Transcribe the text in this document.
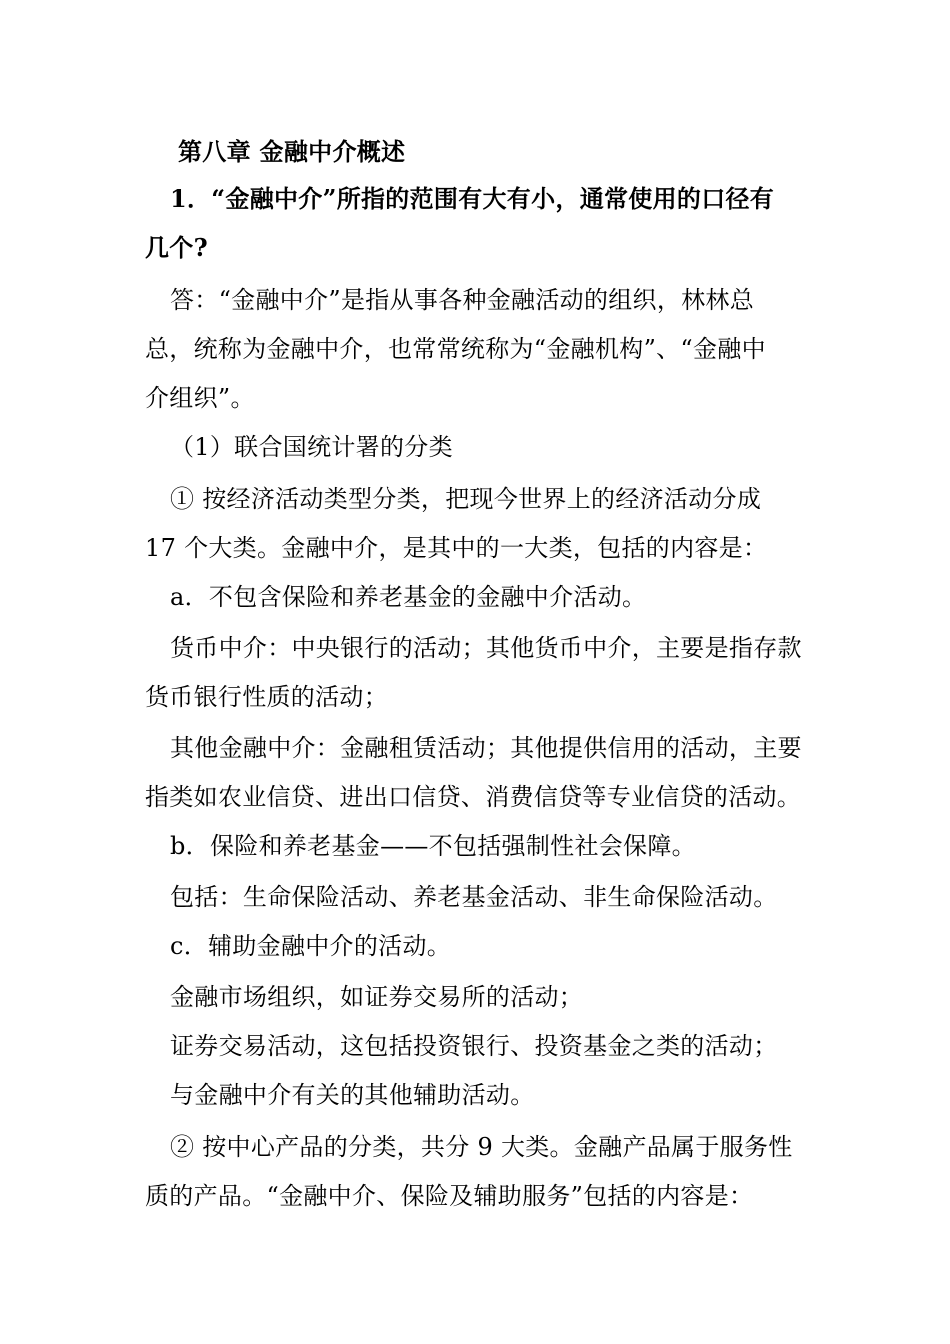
第八章 金融中介概述
1．“金融中介”所指的范围有大有小，通常使用的口径有
几个?
答：“金融中介”是指从事各种金融活动的组织，林林总
总，统称为金融中介，也常常统称为“金融机构”、“金融中
介组织”。
（1）联合国统计署的分类
① 按经济活动类型分类，把现今世界上的经济活动分成
17 个大类。金融中介，是其中的一大类，包括的内容是：
a．不包含保险和养老基金的金融中介活动。
货币中介：中央银行的活动；其他货币中介，主要是指存款
货币银行性质的活动；
其他金融中介：金融租赁活动；其他提供信用的活动，主要
指类如农业信贷、进出口信贷、消费信贷等专业信贷的活动。
b．保险和养老基金——不包括强制性社会保障。
包括：生命保险活动、养老基金活动、非生命保险活动。
c．辅助金融中介的活动。
金融市场组织，如证券交易所的活动；
证券交易活动，这包括投资银行、投资基金之类的活动；
与金融中介有关的其他辅助活动。
② 按中心产品的分类，共分 9 大类。金融产品属于服务性
质的产品。“金融中介、保险及辅助服务”包括的内容是：
